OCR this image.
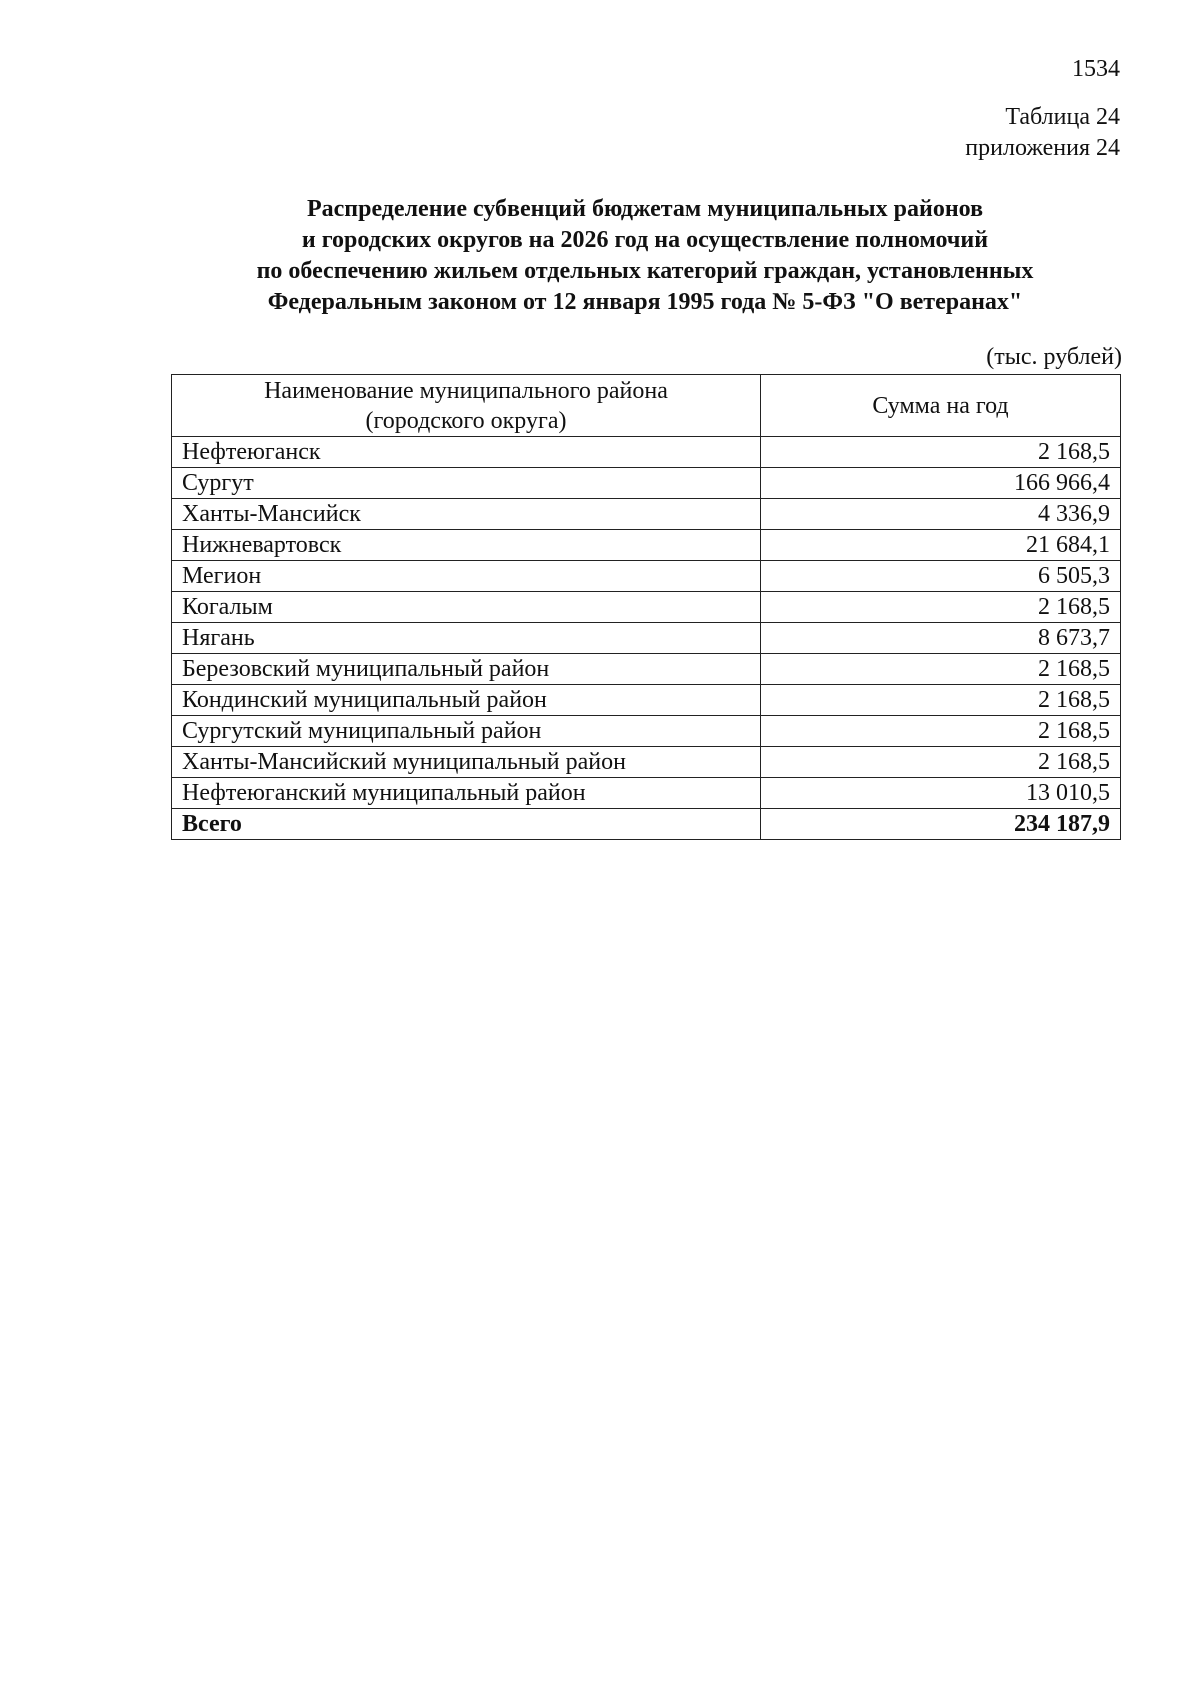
1534
Таблица 24
приложения 24
Распределение субвенций бюджетам муниципальных районов
и городских округов на 2026 год на осуществление полномочий
по обеспечению жильем отдельных категорий граждан, установленных
Федеральным законом от 12 января 1995 года № 5-ФЗ "О ветеранах"
(тыс. рублей)
Наименование муниципального района
(городского округа)	Сумма на год
Нефтеюганск	2 168,5
Сургут	166 966,4
Ханты-Мансийск	4 336,9
Нижневартовск	21 684,1
Мегион	6 505,3
Когалым	2 168,5
Нягань	8 673,7
Березовский муниципальный район	2 168,5
Кондинский муниципальный район	2 168,5
Сургутский муниципальный район	2 168,5
Ханты-Мансийский муниципальный район	2 168,5
Нефтеюганский муниципальный район	13 010,5
Всего	234 187,9
